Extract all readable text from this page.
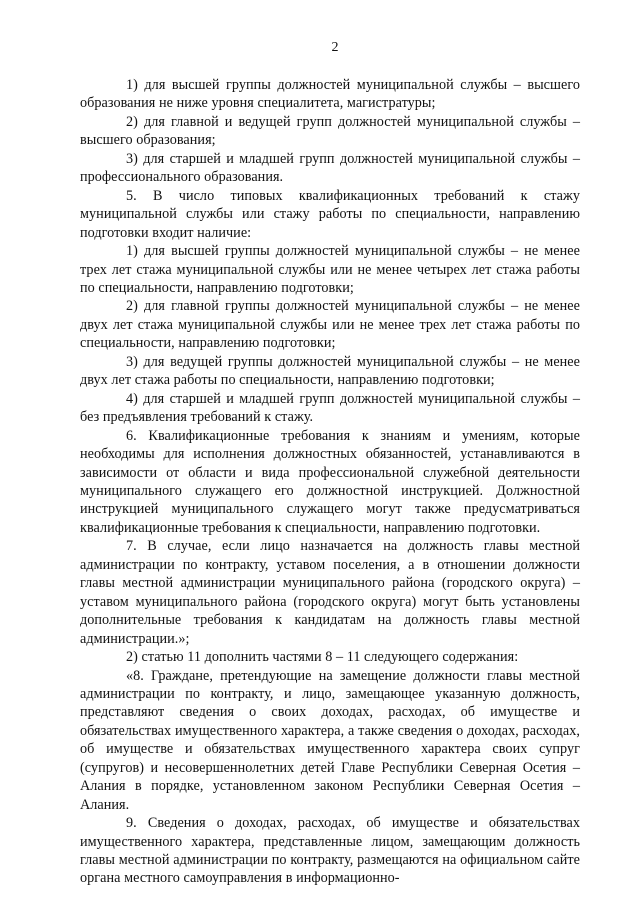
2

1) для высшей группы должностей муниципальной службы – высшего образования не ниже уровня специалитета, магистратуры;

2) для главной и ведущей групп должностей муниципальной службы – высшего образования;

3) для старшей и младшей групп должностей муниципальной службы – профессионального образования.

5. В число типовых квалификационных требований к стажу муниципальной службы или стажу работы по специальности, направлению подготовки входит наличие:

1) для высшей группы должностей муниципальной службы – не менее трех лет стажа муниципальной службы или не менее четырех лет стажа работы по специальности, направлению подготовки;

2) для главной группы должностей муниципальной службы – не менее двух лет стажа муниципальной службы или не менее трех лет стажа работы по специальности, направлению подготовки;

3) для ведущей группы должностей муниципальной службы – не менее двух лет стажа работы по специальности, направлению подготовки;

4) для старшей и младшей групп должностей муниципальной службы – без предъявления требований к стажу.

6. Квалификационные требования к знаниям и умениям, которые необходимы для исполнения должностных обязанностей, устанавливаются в зависимости от области и вида профессиональной служебной деятельности муниципального служащего его должностной инструкцией. Должностной инструкцией муниципального служащего могут также предусматриваться квалификационные требования к специальности, направлению подготовки.

7. В случае, если лицо назначается на должность главы местной администрации по контракту, уставом поселения, а в отношении должности главы местной администрации муниципального района (городского округа) – уставом муниципального района (городского округа) могут быть установлены дополнительные требования к кандидатам на должность главы местной администрации.»;

2) статью 11 дополнить частями 8 – 11 следующего содержания:

«8. Граждане, претендующие на замещение должности главы местной администрации по контракту, и лицо, замещающее указанную должность, представляют сведения о своих доходах, расходах, об имуществе и обязательствах имущественного характера, а также сведения о доходах, расходах, об имуществе и обязательствах имущественного характера своих супруг (супругов) и несовершеннолетних детей Главе Республики Северная Осетия – Алания в порядке, установленном законом Республики Северная Осетия – Алания.

9. Сведения о доходах, расходах, об имуществе и обязательствах имущественного характера, представленные лицом, замещающим должность главы местной администрации по контракту, размещаются на официальном сайте органа местного самоуправления в информационно-
